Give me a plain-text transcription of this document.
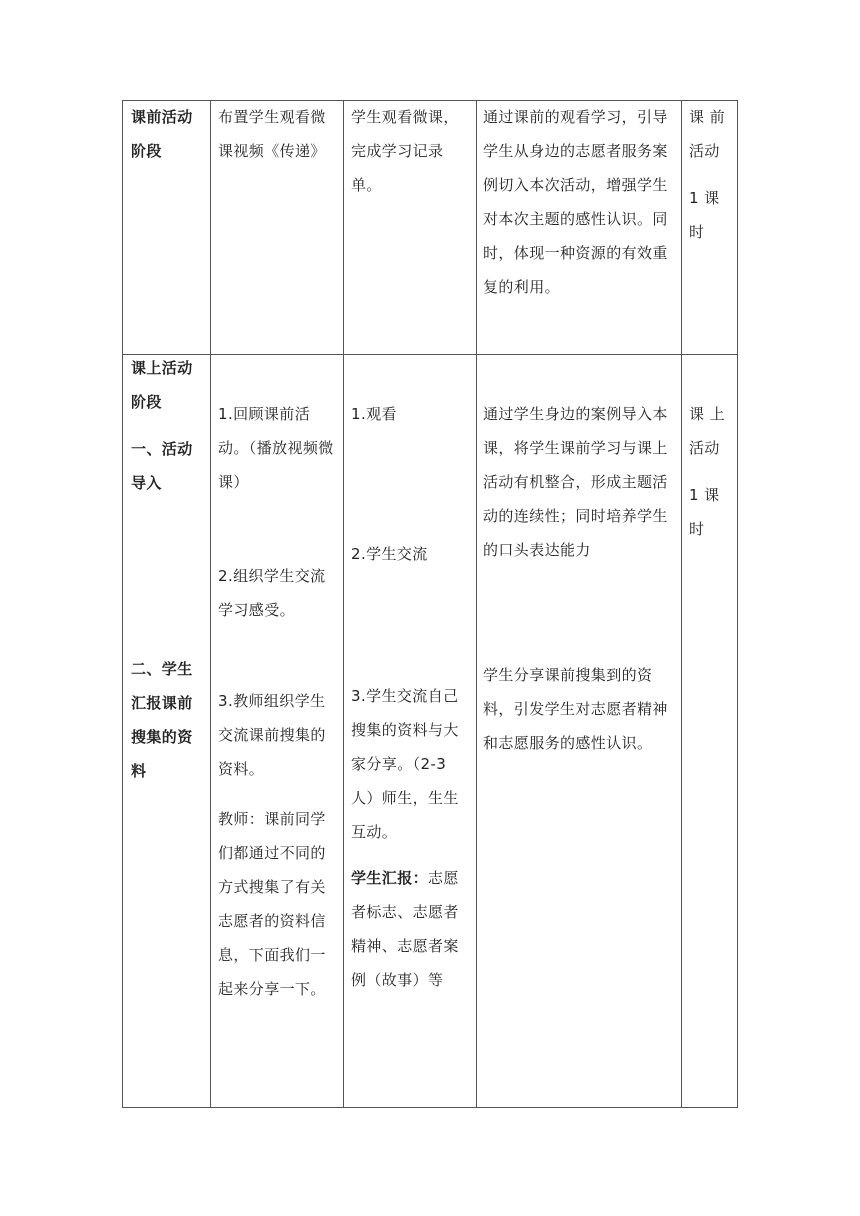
课前活动阶段
布置学生观看微课视频《传递》
学生观看微课，完成学习记录单。
通过课前的观看学习，引导学生从身边的志愿者服务案例切入本次活动，增强学生对本次主题的感性认识。同时，体现一种资源的有效重复的利用。
课 前活动
1 课时
课上活动阶段
一、活动导入
二、学生汇报课前搜集的资料
1.回顾课前活动。（播放视频微课）
2.组织学生交流学习感受。
3.教师组织学生交流课前搜集的资料。
教师：课前同学们都通过不同的方式搜集了有关志愿者的资料信息，下面我们一起来分享一下。
1.观看
2.学生交流
3.学生交流自己搜集的资料与大家分享。（2-3人）师生，生生互动。
学生汇报：志愿者标志、志愿者精神、志愿者案例（故事）等
通过学生身边的案例导入本课，将学生课前学习与课上活动有机整合，形成主题活动的连续性；同时培养学生的口头表达能力
学生分享课前搜集到的资料，引发学生对志愿者精神和志愿服务的感性认识。
课 上活动
1 课时
